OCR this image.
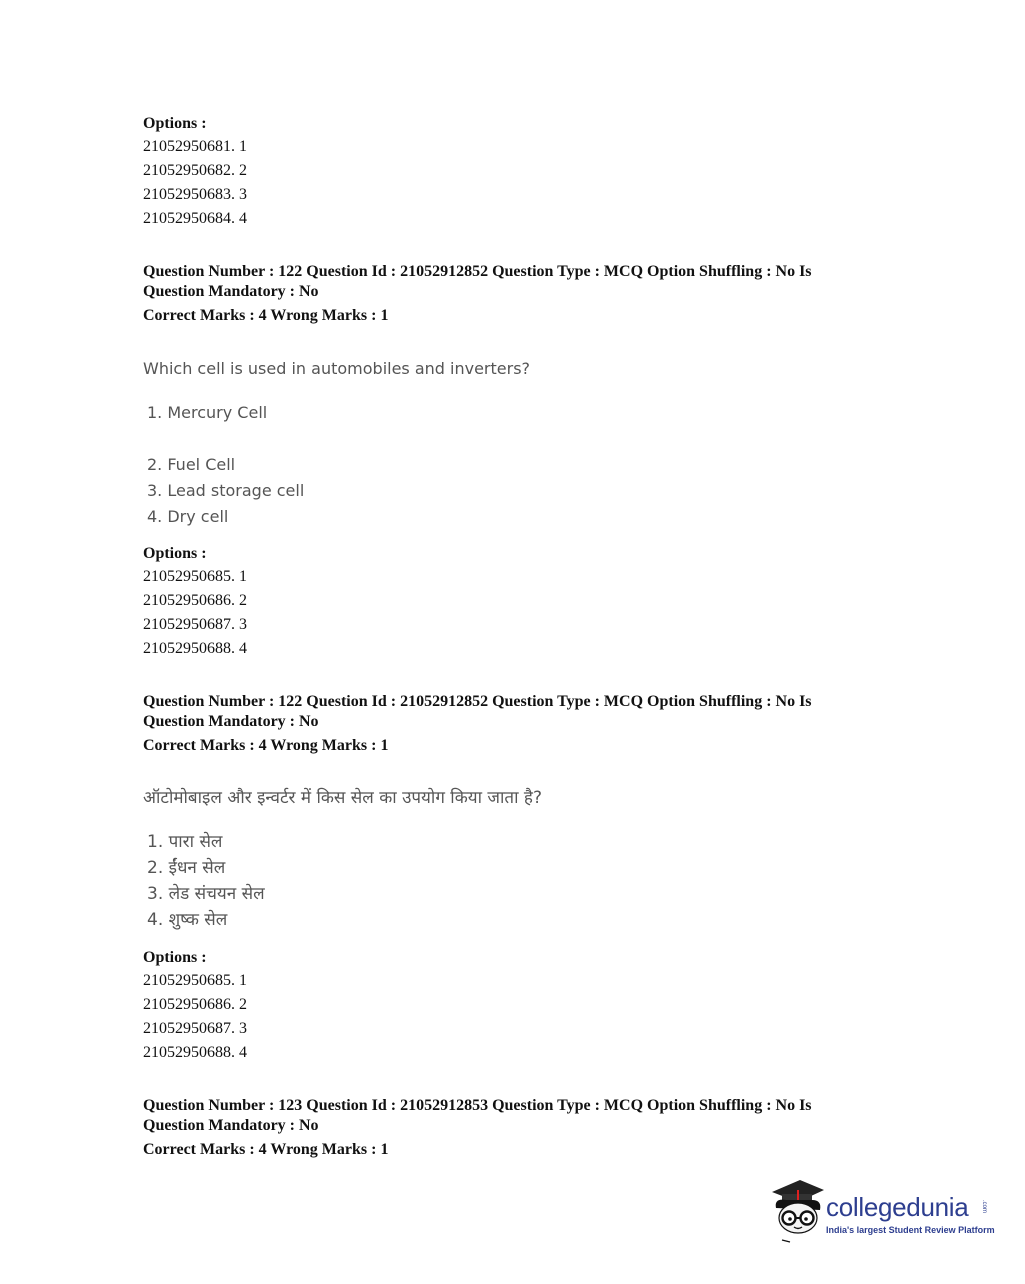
Options :
21052950681. 1
21052950682. 2
21052950683. 3
21052950684. 4
Question Number : 122 Question Id : 21052912852 Question Type : MCQ Option Shuffling : No Is
Question Mandatory : No
Correct Marks : 4 Wrong Marks : 1
Which cell is used in automobiles and inverters?
1. Mercury Cell
2. Fuel Cell
3. Lead storage cell
4. Dry cell
Options :
21052950685. 1
21052950686. 2
21052950687. 3
21052950688. 4
Question Number : 122 Question Id : 21052912852 Question Type : MCQ Option Shuffling : No Is
Question Mandatory : No
Correct Marks : 4 Wrong Marks : 1
ऑटोमोबाइल और इन्वर्टर में किस सेल का उपयोग किया जाता है?
1. पारा सेल
2. ईंधन सेल
3. लेड संचयन सेल
4. शुष्क सेल
Options :
21052950685. 1
21052950686. 2
21052950687. 3
21052950688. 4
Question Number : 123 Question Id : 21052912853 Question Type : MCQ Option Shuffling : No Is
Question Mandatory : No
Correct Marks : 4 Wrong Marks : 1
collegedunia .com
India's largest Student Review Platform
